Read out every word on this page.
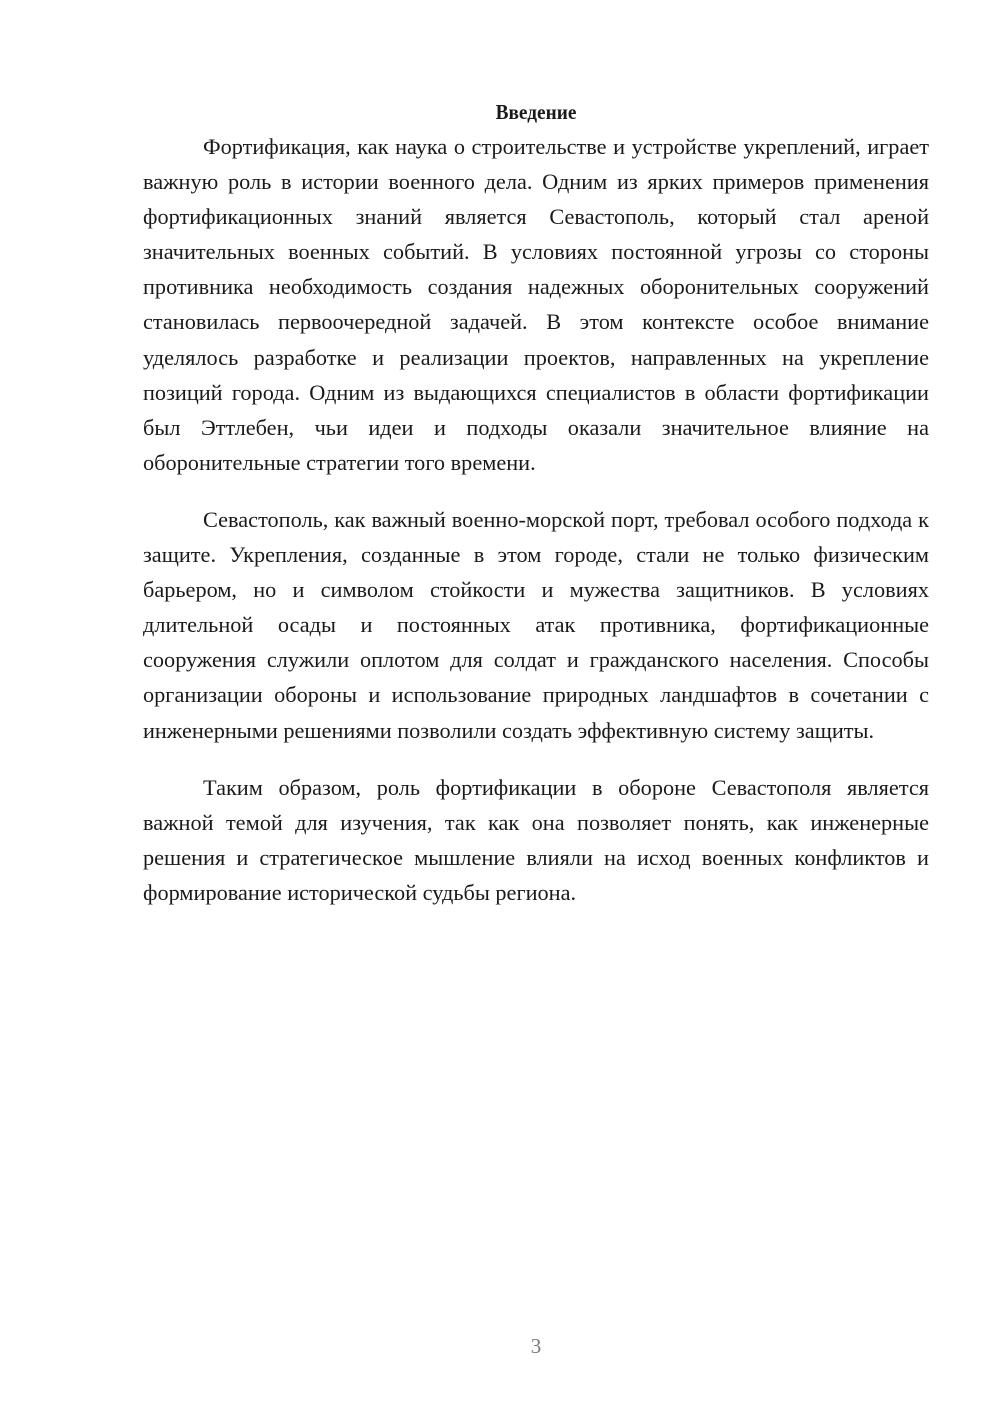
Введение

Фортификация, как наука о строительстве и устройстве укреплений, играет важную роль в истории военного дела. Одним из ярких примеров применения фортификационных знаний является Севастополь, который стал ареной значительных военных событий. В условиях постоянной угрозы со стороны противника необходимость создания надежных оборонительных сооружений становилась первоочередной задачей. В этом контексте особое внимание уделялось разработке и реализации проектов, направленных на укрепление позиций города. Одним из выдающихся специалистов в области фортификации был Эттлебен, чьи идеи и подходы оказали значительное влияние на оборонительные стратегии того времени.

Севастополь, как важный военно-морской порт, требовал особого подхода к защите. Укрепления, созданные в этом городе, стали не только физическим барьером, но и символом стойкости и мужества защитников. В условиях длительной осады и постоянных атак противника, фортификационные сооружения служили оплотом для солдат и гражданского населения. Способы организации обороны и использование природных ландшафтов в сочетании с инженерными решениями позволили создать эффективную систему защиты.

Таким образом, роль фортификации в обороне Севастополя является важной темой для изучения, так как она позволяет понять, как инженерные решения и стратегическое мышление влияли на исход военных конфликтов и формирование исторической судьбы региона.

3
